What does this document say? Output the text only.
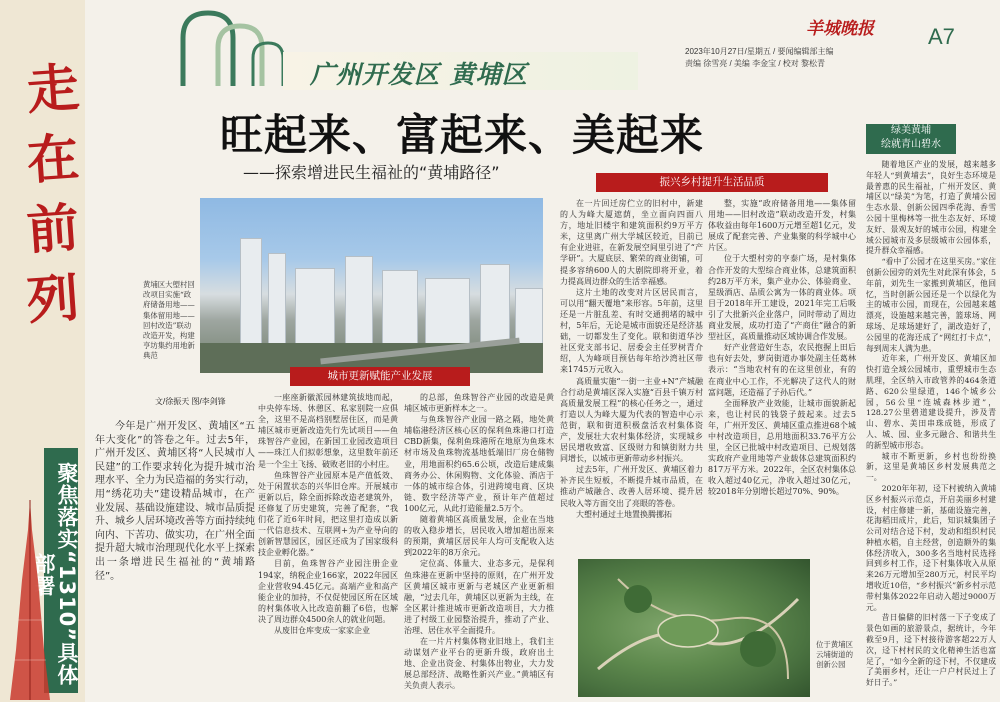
走
在
前
列
聚焦落实“1310”具体部署
广州开发区 黄埔区
羊城晚报 A7
2023年10月27日/星期五 / 要闻编辑部主编
责编 徐雪亮 / 美编 李金宝 / 校对 黎松青
旺起来、富起来、美起来
——探索增进民生福祉的“黄埔路径”
黄埔区大塱村回改项目实施“政府储备用地——集体留用地——回村改造”联动改造开发，构建亨坊集约用地新典范
文/徐振天 图/李剑锋
城市更新赋能产业发展
振兴乡村提升生活品质
绿美黄埔
绘就青山碧水

今年是广州开发区、黄埔区“五年大变化”的答卷之年。过去5年，广州开发区、黄埔区将“人民城市人民建”的工作要求转化为提升城市治理水平、全力为民造福的务实行动，用“绣花功夫”建设精品城市，在产业发展、基础设施建设、城市品质提升、城乡人居环境改善等方面持续纯向内、下苦功、做实功，在广州全面提升超大城市治理现代化水平上探索出一条增进民生福祉的“黄埔路径”。

一座座新徽派园林建筑拔地而起，中央停车场、休憩区、私家别院一应俱全，这里不是高档别墅居住区，而是黄埔区城市更新改造先行先试项目——鱼珠智谷产业园，在新国工业园改造项目——珠江人们拟彰想象，这里数年前还是一个尘土飞扬、破败老旧的小村庄。

鱼珠智谷产业园原本是产值低效、处于闲置状态的兴华旧仓库。开展城市更新以后，除全面拆除改造老建筑外，还修复了历史建筑，完善了配套，“我们花了近6年时间，把这里打造成以新一代信息技术、互联网+为产业导向的创新智慧园区，园区还成为了国家级科技企业孵化器。”

目前，鱼珠智谷产业园注册企业194家，纳税企业166家，2022年园区企业营收94.45亿元。高端产业和高产能企业的加持，不仅促使园区所在区域的村集体收入比改造前翻了6倍，也解决了周边群众4500余人的就业问题。

从废旧仓库变成一家家企业

的总部，鱼珠智谷产业园的改造是黄埔区城市更新样本之一。

与鱼珠智谷产业园一路之隔，地处黄埔临港经济区核心区的保利鱼珠港口打造CBD新集，保利鱼珠港所在地原为鱼珠木材市场及鱼珠物流基地低端旧厂房仓储物业，用地面积约65.6公顷，改造后建成集商务办公、休闲购物、文化体验、酒店于一体的城市综合体，引进跨境电商、区块链、数字经济等产业，预计年产值超过100亿元，从此打造能量2.5万个。

随着黄埔区高质量发展，企业在当地的收入稳步增长，居民收入增加超出原来的预期，黄埔区居民年人均可支配收入达到2022年的8万余元。

定位高、体量大、业态多元，是保利鱼珠港在更新中坚持的原则，在广州开发区黄埔区城市更新与老城区产业更新相融，“过去几年，黄埔区以更新为主线，在全区累计推进城市更新改造项目，大力推进了村级工业园整治提升，推动了产业、治理、居住水平全面提升。

在一片片村集体物业旧地上，我们主动谋划产业平台的更新升级，政府出土地、企业出资金、村集体出物业，大力发展总部经济、战略性新兴产业。”黄埔区有关负责人表示。

在一片回迁房伫立的旧村中，新建的人为峰大厦遮荫，坐立面向四面八方，地址旧楼宇和建筑面积约9万平方米，这里离广州大学城区较近，目前已有企业进驻，在新发展空间里引进了“产学研”。大厦底层、繁荣的商业街铺，可提多容纳600人的大剧院即将开业，着力提高周边群众的生活幸福感。

这片土地的改变对片区居民而言，可以用“翻天覆地”来形容。5年前，这里还是一片脏乱差、有时交通拥堵的城中村，5年后，无论是城市面貌还是经济基础，一切都发生了变化。联和街道华沙社区党支部书记、居委会主任罗树青介绍，人为峰项目预估每年给沙湾社区带来1745万元收入。

高质量实施“一街一主业+N”产城融合行动是黄埔区深入实施“百县千镇万村高质量发展工程”的核心任务之一，通过打造以人为峰大厦为代表的智造中心示范街，联和街道积极盘活农村集体资产，发展壮大农村集体经济，实现城乡居民增收致富、区级财力和镇街财力共同增长，以城市更新带动乡村振兴。

过去5年，广州开发区、黄埔区着力补齐民生短板，不断提升城市品质，在推动产城融合、改善人居环境、提升居民收入等方面交出了亮眼的答卷。

大塱村通过土地置换腾挪拓

整，实施“政府储备用地——集体留用地——旧村改造”联动改造开发，村集体收益由每年1600万元增至超1亿元，发展成了配套完善、产业集聚的科学城中心片区。

位于大塱村旁的亨泰广场，是村集体合作开发的大型综合商业体，总建筑面积约28万平方米，集产业办公、体验商业、星级酒店、品质公寓为一体的商业体。项目于2018年开工建设，2021年完工后吸引了大批新兴企业落户，同时带动了周边商业发展，成功打造了“产商住”融合的新型社区，高质量推动区域协调合作发展。

好产业营造好生态，农民抱握上田后也有好去处，萝岗街道办事处副主任葛林表示：“当地农村有的在这里创业，有的在商业中心工作，不光解决了这代人的财富问题，还造福了子孙后代。”

全面释放产业效能，让城市面貌新起来，也让村民的钱袋子鼓起来。过去5年，广州开发区、黄埔区重点推进68个城中村改造项目，总用地面积33.76平方公里，全区已批城中村改造项目、已规划落实政府产业用地等产业载体总建筑面积约817万平方米。2022年，全区农村集体总收入超过40亿元，净收入超过30亿元，较2018年分别增长超过70%、90%。

随着地区产业的发展，越来越多年轻人“到黄埔去”，良好生态环境是最普惠的民生福祉，广州开发区、黄埔区以“绿美”为笔，打造了黄埔公园生态水景、创新公园四季花海、香雪公园十里梅林等一批生态友好、环境友好、景观友好的城市公园，构建全域公园城市及多层级城市公园体系，提升群众幸福感。

“看中了公园才在这里买房。”家住创新公园旁的刘先生对此深有体会，5年前，刘先生一家搬到黄埔区，他回忆，当时创新公园还是一个以绿化为主的城市公园，而现在，公园越来越漂亮，设施越来越完善，篮球场、网球场、足球场建好了，湖改造好了，公园里的花海还成了“网红打卡点”，每到周末人满为患。

近年来，广州开发区、黄埔区加快打造全域公园城市，重塑城市生态肌理，全区纳入市政管养的464条道路、620公里绿道，146个城乡公园，56公里“连城森林步道”，128.27公里碧道建设提升，涉及青山、碧水、美田串珠成链，形成了人、城、园、业多元融合、和谐共生的新型城市形态。

城市不断更新，乡村也纷纷换新，这里是黄埔区乡村发展典范之一。

2020年年初，迳下村被纳入黄埔区乡村振兴示范点，开启美丽乡村建设，村庄修建一新，基础设施完善，花海稻田成片，此后，知识城集团子公司对结合迳下村，发动和组织村民种植水稻，自主经营，创造额外的集体经济收入，300多名当地村民选择回到乡村工作，迳下村集体收入从原来26万元增加至280万元，村民平均增收近10倍，“乡村振兴”新乡村示范带村集体2022年启动入超过9000万元。

昔日偏僻的旧村落一下子变成了景色如画的旅游景点，据统计，今年截至9月，迳下村接待游客超22万人次，迳下村村民的文化精神生活也富足了，“如今全新的迳下村，不仅建成了美丽乡村，还让一户户村民过上了好日子。”

位于黄埔区云埔街道的创新公园
